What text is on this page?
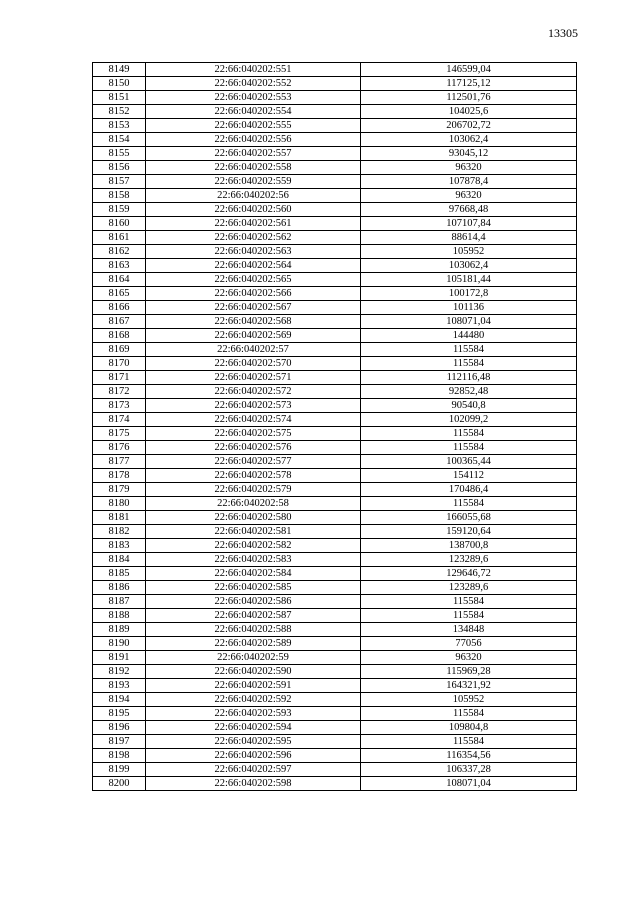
13305
8149	22:66:040202:551	146599,04
8150	22:66:040202:552	117125,12
8151	22:66:040202:553	112501,76
8152	22:66:040202:554	104025,6
8153	22:66:040202:555	206702,72
8154	22:66:040202:556	103062,4
8155	22:66:040202:557	93045,12
8156	22:66:040202:558	96320
8157	22:66:040202:559	107878,4
8158	22:66:040202:56	96320
8159	22:66:040202:560	97668,48
8160	22:66:040202:561	107107,84
8161	22:66:040202:562	88614,4
8162	22:66:040202:563	105952
8163	22:66:040202:564	103062,4
8164	22:66:040202:565	105181,44
8165	22:66:040202:566	100172,8
8166	22:66:040202:567	101136
8167	22:66:040202:568	108071,04
8168	22:66:040202:569	144480
8169	22:66:040202:57	115584
8170	22:66:040202:570	115584
8171	22:66:040202:571	112116,48
8172	22:66:040202:572	92852,48
8173	22:66:040202:573	90540,8
8174	22:66:040202:574	102099,2
8175	22:66:040202:575	115584
8176	22:66:040202:576	115584
8177	22:66:040202:577	100365,44
8178	22:66:040202:578	154112
8179	22:66:040202:579	170486,4
8180	22:66:040202:58	115584
8181	22:66:040202:580	166055,68
8182	22:66:040202:581	159120,64
8183	22:66:040202:582	138700,8
8184	22:66:040202:583	123289,6
8185	22:66:040202:584	129646,72
8186	22:66:040202:585	123289,6
8187	22:66:040202:586	115584
8188	22:66:040202:587	115584
8189	22:66:040202:588	134848
8190	22:66:040202:589	77056
8191	22:66:040202:59	96320
8192	22:66:040202:590	115969,28
8193	22:66:040202:591	164321,92
8194	22:66:040202:592	105952
8195	22:66:040202:593	115584
8196	22:66:040202:594	109804,8
8197	22:66:040202:595	115584
8198	22:66:040202:596	116354,56
8199	22:66:040202:597	106337,28
8200	22:66:040202:598	108071,04
